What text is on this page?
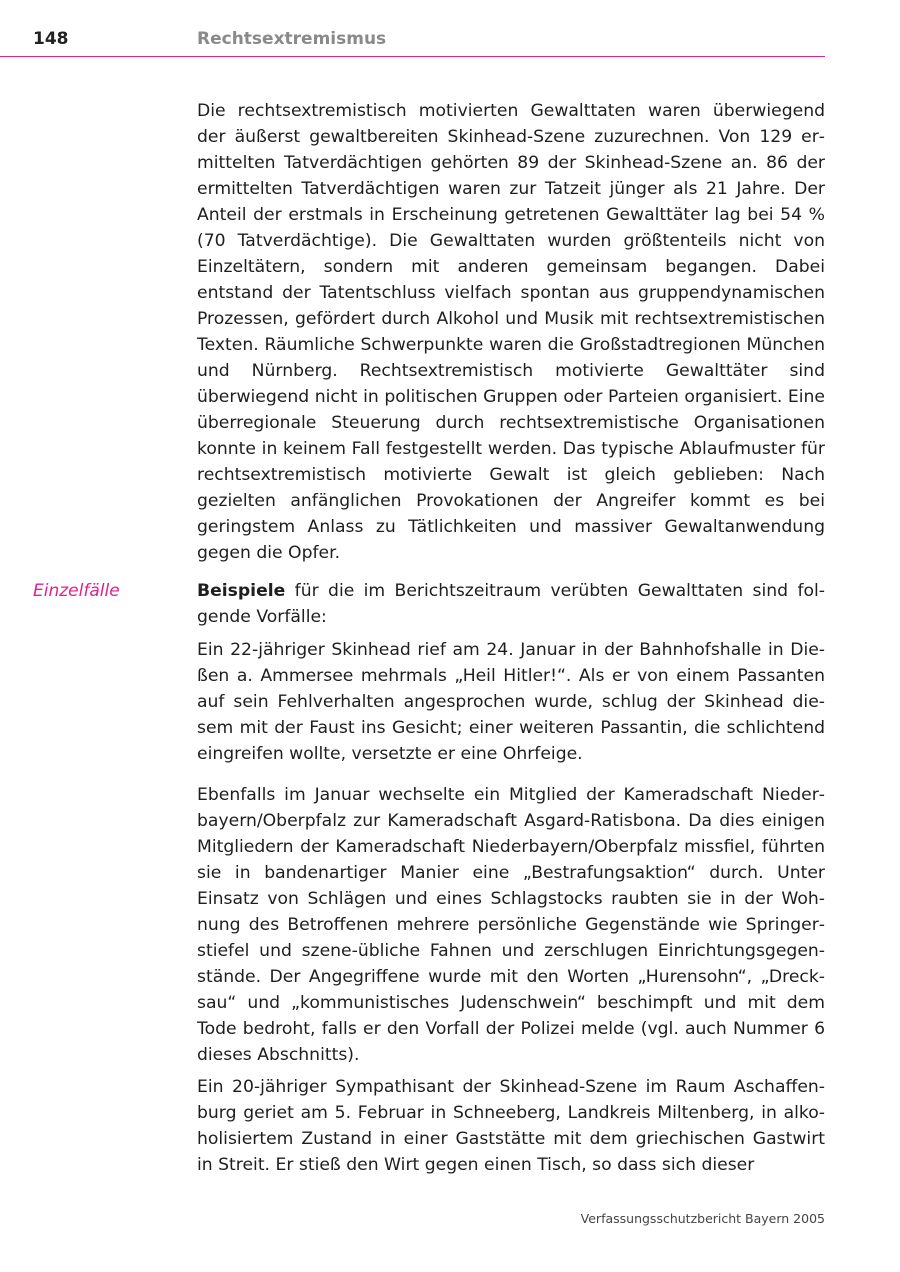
148	Rechtsextremismus
Einzelfälle

Die rechtsextremistisch motivierten Gewalttaten waren überwiegend der äußerst gewaltbereiten Skinhead-Szene zuzurechnen. Von 129 ermittelten Tatverdächtigen gehörten 89 der Skinhead-Szene an. 86 der ermittelten Tatverdächtigen waren zur Tatzeit jünger als 21 Jahre. Der Anteil der erstmals in Erscheinung getretenen Gewalttäter lag bei 54 % (70 Tatverdächtige). Die Gewalttaten wurden größtenteils nicht von Einzeltätern, sondern mit anderen gemeinsam begangen. Dabei entstand der Tatentschluss vielfach spontan aus gruppendynamischen Prozessen, gefördert durch Alkohol und Musik mit rechtsextremistischen Texten. Räumliche Schwerpunkte waren die Großstadtregionen München und Nürnberg. Rechtsextremistisch motivierte Gewalttäter sind überwiegend nicht in politischen Gruppen oder Parteien organisiert. Eine überregionale Steuerung durch rechtsextremistische Organisationen konnte in keinem Fall festgestellt werden. Das typische Ablaufmuster für rechtsextremistisch motivierte Gewalt ist gleich geblieben: Nach gezielten anfänglichen Provokationen der Angreifer kommt es bei geringstem Anlass zu Tätlichkeiten und massiver Gewaltanwendung gegen die Opfer.

Beispiele für die im Berichtszeitraum verübten Gewalttaten sind folgende Vorfälle:

Ein 22-jähriger Skinhead rief am 24. Januar in der Bahnhofshalle in Dießen a. Ammersee mehrmals „Heil Hitler!“. Als er von einem Passanten auf sein Fehlverhalten angesprochen wurde, schlug der Skinhead diesem mit der Faust ins Gesicht; einer weiteren Passantin, die schlichtend eingreifen wollte, versetzte er eine Ohrfeige.

Ebenfalls im Januar wechselte ein Mitglied der Kameradschaft Niederbayern/Oberpfalz zur Kameradschaft Asgard-Ratisbona. Da dies einigen Mitgliedern der Kameradschaft Niederbayern/Oberpfalz missfiel, führten sie in bandenartiger Manier eine „Bestrafungsaktion“ durch. Unter Einsatz von Schlägen und eines Schlagstocks raubten sie in der Wohnung des Betroffenen mehrere persönliche Gegenstände wie Springerstiefel und szene-übliche Fahnen und zerschlugen Einrichtungsgegenstände. Der Angegriffene wurde mit den Worten „Hurensohn“, „Drecksau“ und „kommunistisches Judenschwein“ beschimpft und mit dem Tode bedroht, falls er den Vorfall der Polizei melde (vgl. auch Nummer 6 dieses Abschnitts).

Ein 20-jähriger Sympathisant der Skinhead-Szene im Raum Aschaffenburg geriet am 5. Februar in Schneeberg, Landkreis Miltenberg, in alkoholisiertem Zustand in einer Gaststätte mit dem griechischen Gastwirt in Streit. Er stieß den Wirt gegen einen Tisch, so dass sich dieser

Verfassungsschutzbericht Bayern 2005
